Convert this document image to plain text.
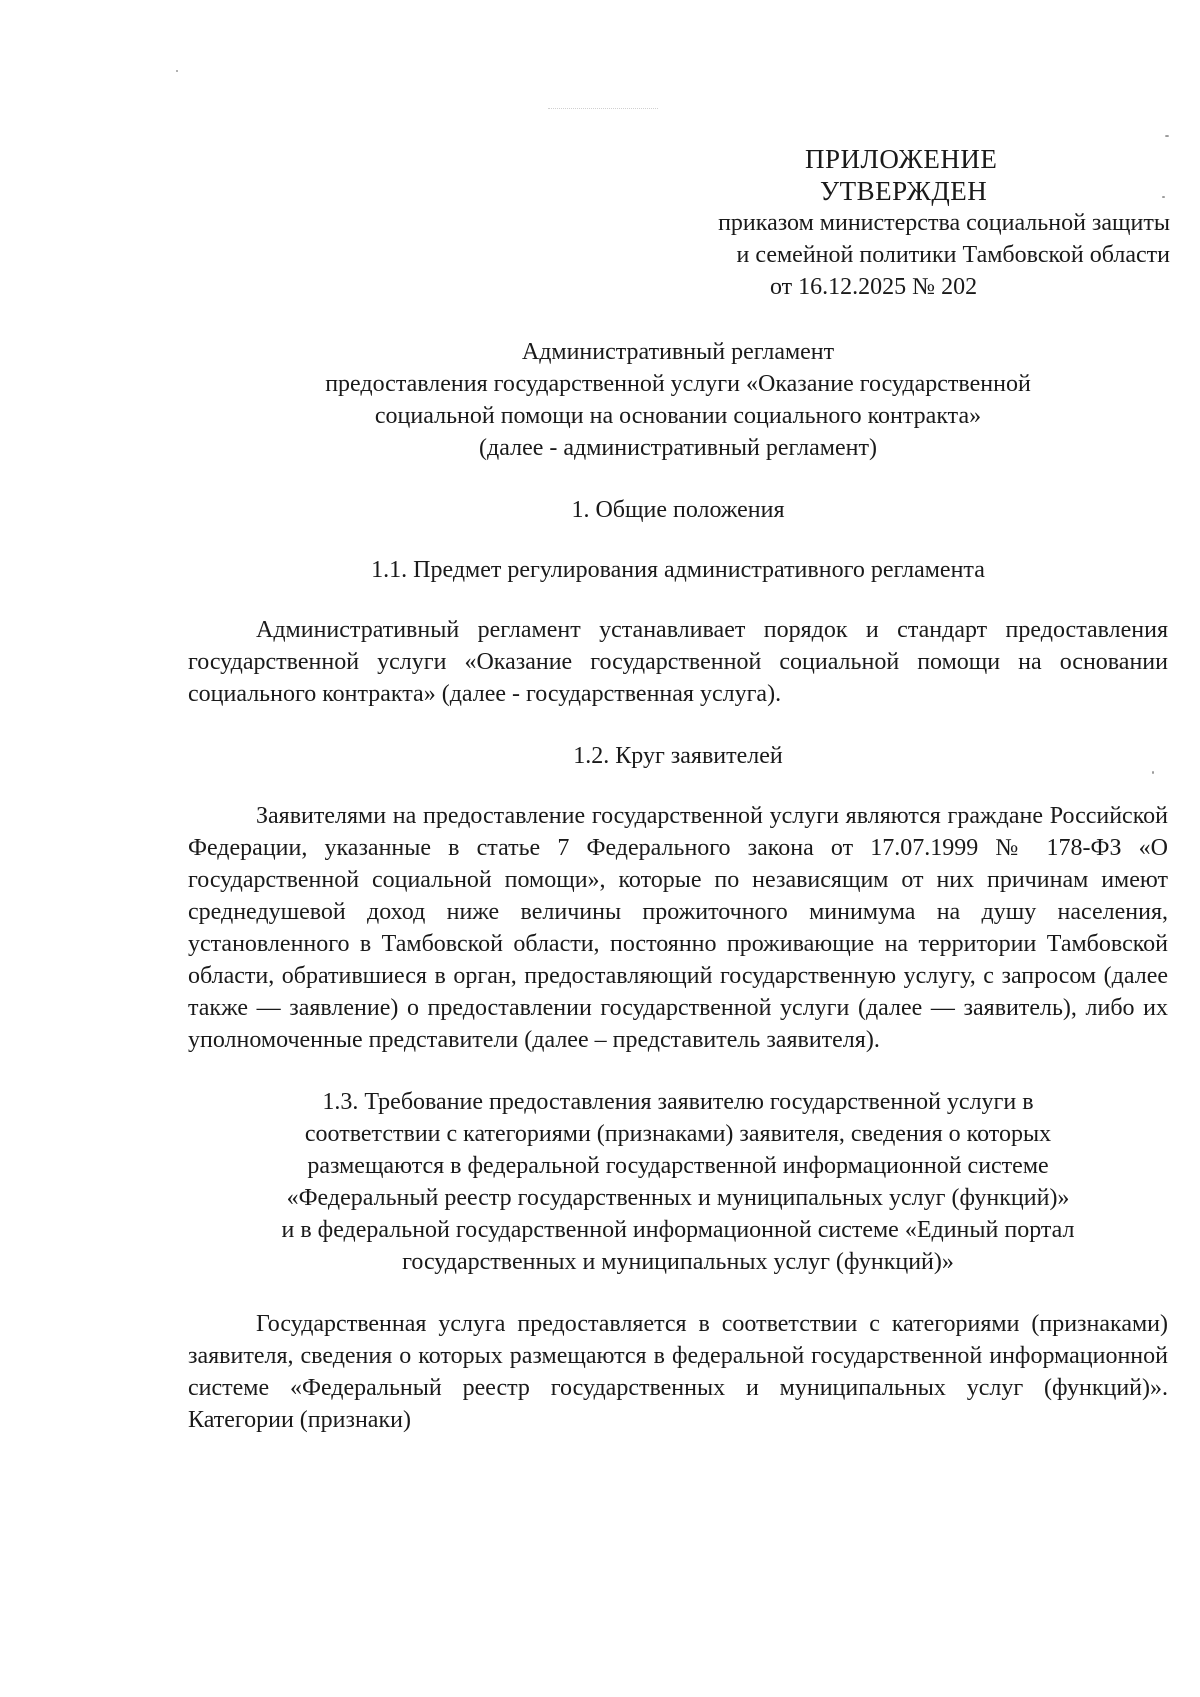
ПРИЛОЖЕНИЕ
УТВЕРЖДЕН
приказом министерства социальной защиты
и семейной политики Тамбовской области
от 16.12.2025 № 202
Административный регламент
предоставления государственной услуги «Оказание государственной
социальной помощи на основании социального контракта»
(далее - административный регламент)
1. Общие положения
1.1. Предмет регулирования административного регламента

Административный регламент устанавливает порядок и стандарт предоставления государственной услуги «Оказание государственной социальной помощи на основании социального контракта» (далее - государственная услуга).

1.2. Круг заявителей

Заявителями на предоставление государственной услуги являются граждане Российской Федерации, указанные в статье 7 Федерального закона от 17.07.1999 № 178-ФЗ «О государственной социальной помощи», которые по независящим от них причинам имеют среднедушевой доход ниже величины прожиточного минимума на душу населения, установленного в Тамбовской области, постоянно проживающие на территории Тамбовской области, обратившиеся в орган, предоставляющий государственную услугу, с запросом (далее также — заявление) о предоставлении государственной услуги (далее — заявитель), либо их уполномоченные представители (далее – представитель заявителя).

1.3. Требование предоставления заявителю государственной услуги в
соответствии с категориями (признаками) заявителя, сведения о которых
размещаются в федеральной государственной информационной системе
«Федеральный реестр государственных и муниципальных услуг (функций)»
и в федеральной государственной информационной системе «Единый портал
государственных и муниципальных услуг (функций)»

Государственная услуга предоставляется в соответствии с категориями (признаками) заявителя, сведения о которых размещаются в федеральной государственной информационной системе «Федеральный реестр государственных и муниципальных услуг (функций)». Категории (признаки)
